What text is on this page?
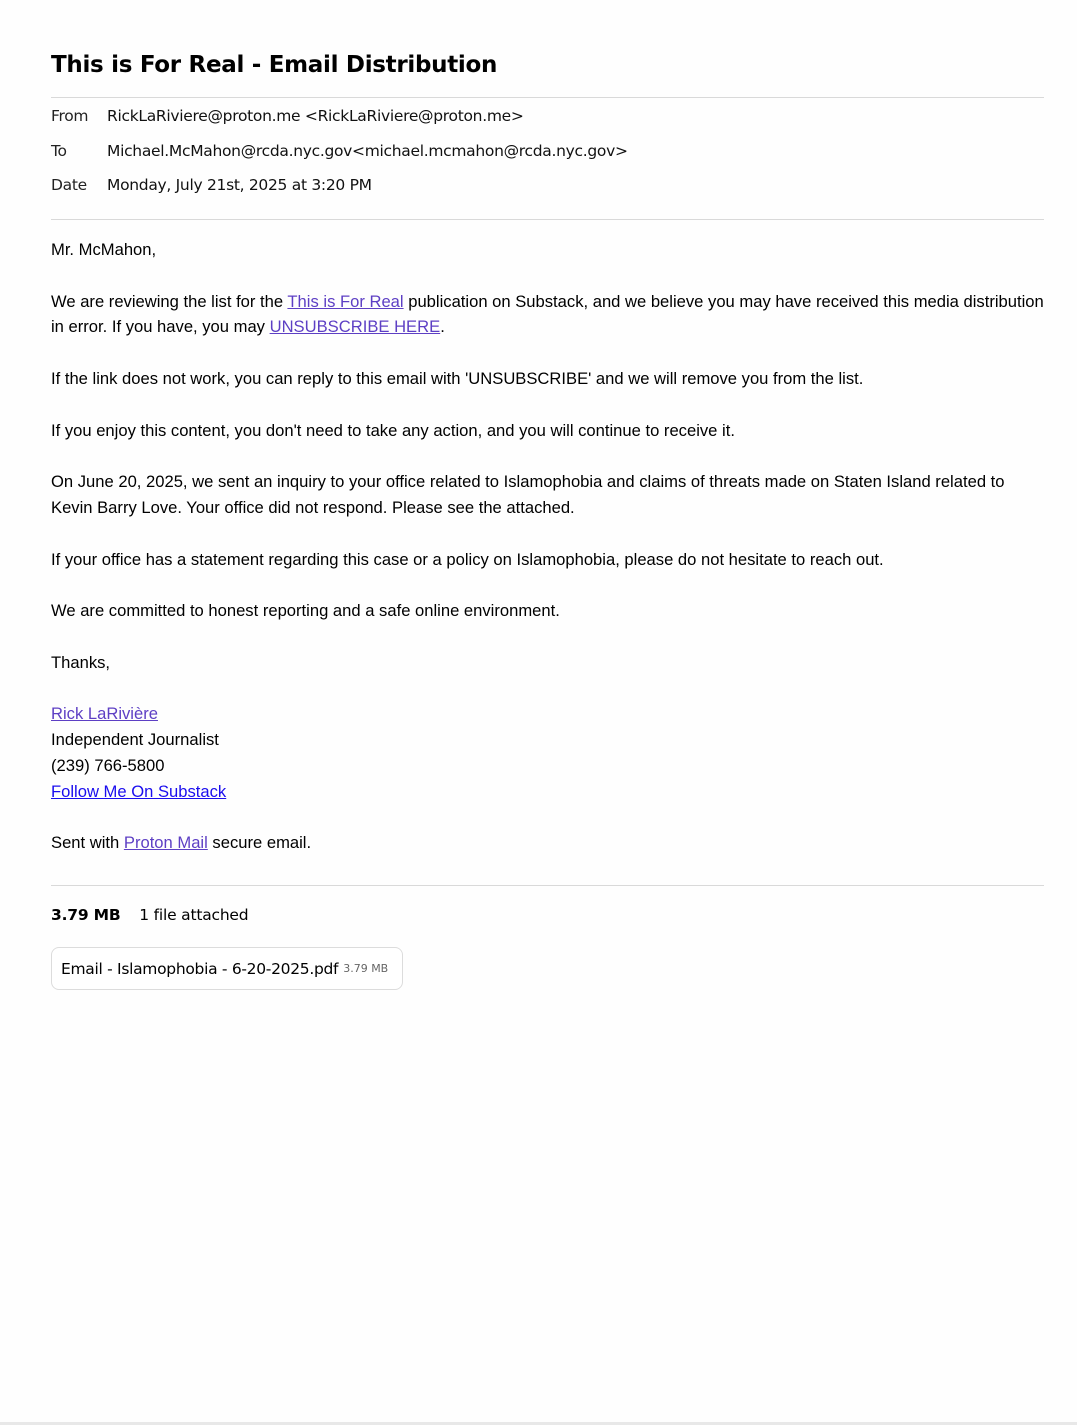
This is For Real - Email Distribution
From RickLaRiviere@proton.me <RickLaRiviere@proton.me>
To	Michael.McMahon@rcda.nyc.gov<michael.mcmahon@rcda.nyc.gov>
Date Monday, July 21st, 2025 at 3:20 PM

Mr. McMahon,

We are reviewing the list for the This is For Real publication on Substack, and we believe you may have received this media distribution in error. If you have, you may UNSUBSCRIBE HERE.

If the link does not work, you can reply to this email with 'UNSUBSCRIBE' and we will remove you from the list.

If you enjoy this content, you don't need to take any action, and you will continue to receive it.

On June 20, 2025, we sent an inquiry to your office related to Islamophobia and claims of threats made on Staten Island related to Kevin Barry Love. Your office did not respond. Please see the attached.

If your office has a statement regarding this case or a policy on Islamophobia, please do not hesitate to reach out.

We are committed to honest reporting and a safe online environment.

Thanks,

Rick LaRivière
Independent Journalist
(239) 766-5800
Follow Me On Substack

Sent with Proton Mail secure email.

3.79 MB 1 file attached
Email - Islamophobia - 6-20-2025.pdf 3.79 MB
